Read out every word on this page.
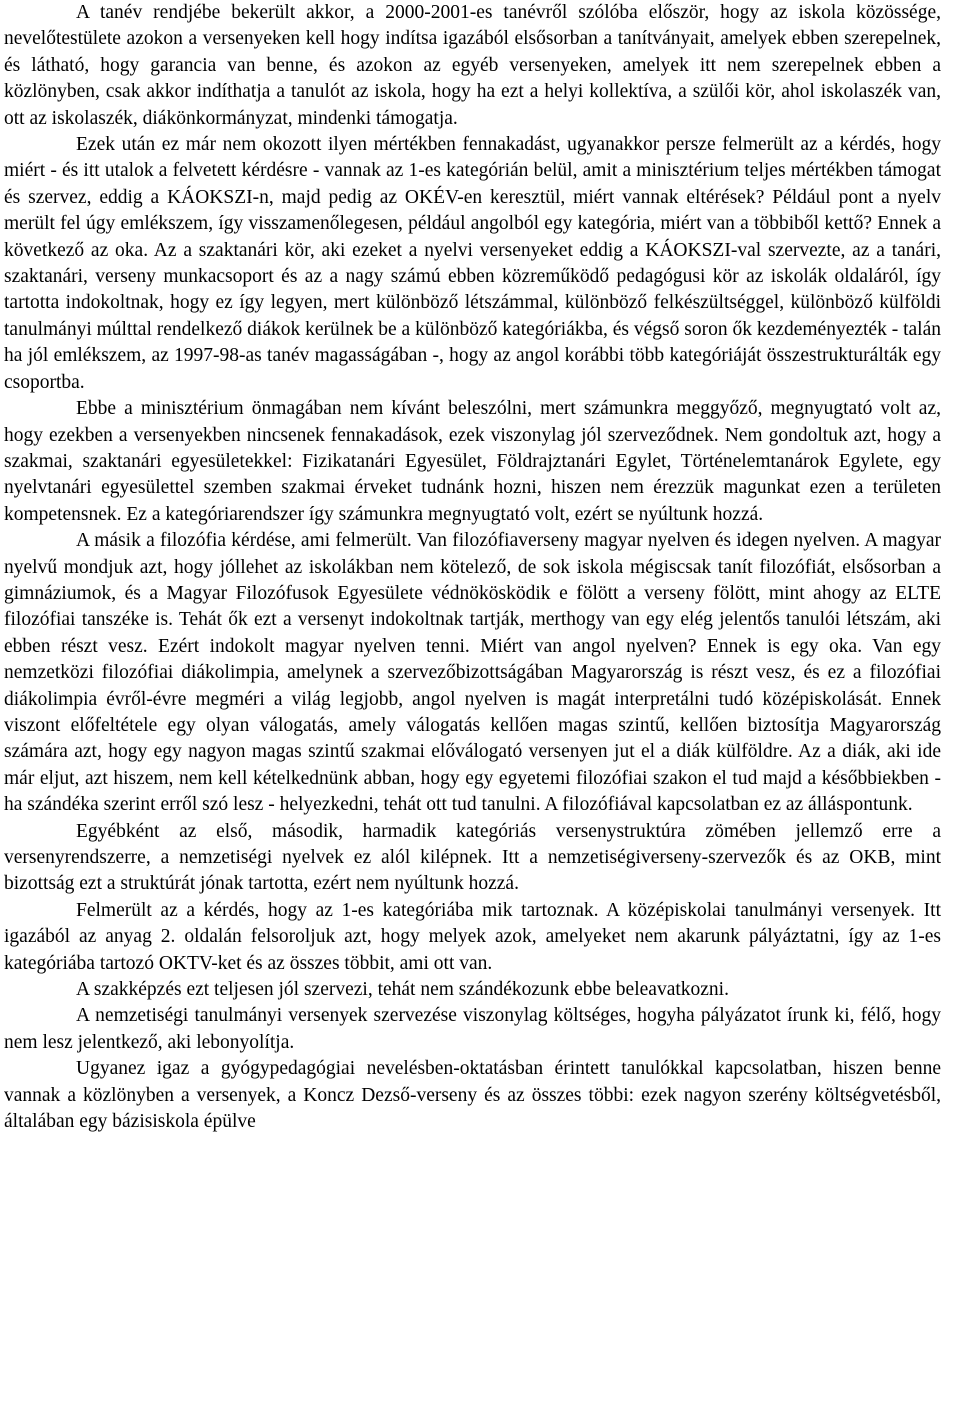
A tanév rendjébe bekerült akkor, a 2000-2001-es tanévről szólóba először, hogy az iskola közössége, nevelőtestülete azokon a versenyeken kell hogy indítsa igazából elsősorban a tanítványait, amelyek ebben szerepelnek, és látható, hogy garancia van benne, és azokon az egyéb versenyeken, amelyek itt nem szerepelnek ebben a közlönyben, csak akkor indíthatja a tanulót az iskola, hogy ha ezt a helyi kollektíva, a szülői kör, ahol iskolaszék van, ott az iskolaszék, diákönkormányzat, mindenki támogatja.

Ezek után ez már nem okozott ilyen mértékben fennakadást, ugyanakkor persze felmerült az a kérdés, hogy miért - és itt utalok a felvetett kérdésre - vannak az 1-es kategórián belül, amit a minisztérium teljes mértékben támogat és szervez, eddig a KÁOKSZI-n, majd pedig az OKÉV-en keresztül, miért vannak eltérések? Például pont a nyelv merült fel úgy emlékszem, így visszamenőlegesen, például angolból egy kategória, miért van a többiből kettő? Ennek a következő az oka. Az a szaktanári kör, aki ezeket a nyelvi versenyeket eddig a KÁOKSZI-val szervezte, az a tanári, szaktanári, verseny munkacsoport és az a nagy számú ebben közreműködő pedagógusi kör az iskolák oldaláról, így tartotta indokoltnak, hogy ez így legyen, mert különböző létszámmal, különböző felkészültséggel, különböző külföldi tanulmányi múlttal rendelkező diákok kerülnek be a különböző kategóriákba, és végső soron ők kezdeményezték - talán ha jól emlékszem, az 1997-98-as tanév magasságában -, hogy az angol korábbi több kategóriáját összestrukturálták egy csoportba.

Ebbe a minisztérium önmagában nem kívánt beleszólni, mert számunkra meggyőző, megnyugtató volt az, hogy ezekben a versenyekben nincsenek fennakadások, ezek viszonylag jól szerveződnek. Nem gondoltuk azt, hogy a szakmai, szaktanári egyesületekkel: Fizikatanári Egyesület, Földrajztanári Egylet, Történelemtanárok Egylete, egy nyelvtanári egyesülettel szemben szakmai érveket tudnánk hozni, hiszen nem érezzük magunkat ezen a területen kompetensnek. Ez a kategóriarendszer így számunkra megnyugtató volt, ezért se nyúltunk hozzá.

A másik a filozófia kérdése, ami felmerült. Van filozófiaverseny magyar nyelven és idegen nyelven. A magyar nyelvű mondjuk azt, hogy jóllehet az iskolákban nem kötelező, de sok iskola mégiscsak tanít filozófiát, elsősorban a gimnáziumok, és a Magyar Filozófusok Egyesülete védnökösködik e fölött a verseny fölött, mint ahogy az ELTE filozófiai tanszéke is. Tehát ők ezt a versenyt indokoltnak tartják, merthogy van egy elég jelentős tanulói létszám, aki ebben részt vesz. Ezért indokolt magyar nyelven tenni. Miért van angol nyelven? Ennek is egy oka. Van egy nemzetközi filozófiai diákolimpia, amelynek a szervezőbizottságában Magyarország is részt vesz, és ez a filozófiai diákolimpia évről-évre megméri a világ legjobb, angol nyelven is magát interpretálni tudó középiskolását. Ennek viszont előfeltétele egy olyan válogatás, amely válogatás kellően magas szintű, kellően biztosítja Magyarország számára azt, hogy egy nagyon magas szintű szakmai előválogató versenyen jut el a diák külföldre. Az a diák, aki ide már eljut, azt hiszem, nem kell kételkednünk abban, hogy egy egyetemi filozófiai szakon el tud majd a későbbiekben - ha szándéka szerint erről szó lesz - helyezkedni, tehát ott tud tanulni. A filozófiával kapcsolatban ez az álláspontunk.

Egyébként az első, második, harmadik kategóriás versenystruktúra zömében jellemző erre a versenyrendszerre, a nemzetiségi nyelvek ez alól kilépnek. Itt a nemzetiségiverseny-szervezők és az OKB, mint bizottság ezt a struktúrát jónak tartotta, ezért nem nyúltunk hozzá.

Felmerült az a kérdés, hogy az 1-es kategóriába mik tartoznak. A középiskolai tanulmányi versenyek. Itt igazából az anyag 2. oldalán felsoroljuk azt, hogy melyek azok, amelyeket nem akarunk pályáztatni, így az 1-es kategóriába tartozó OKTV-ket és az összes többit, ami ott van.

A szakképzés ezt teljesen jól szervezi, tehát nem szándékozunk ebbe beleavatkozni.

A nemzetiségi tanulmányi versenyek szervezése viszonylag költséges, hogyha pályázatot írunk ki, félő, hogy nem lesz jelentkező, aki lebonyolítja.

Ugyanez igaz a gyógypedagógiai nevelésben-oktatásban érintett tanulókkal kapcsolatban, hiszen benne vannak a közlönyben a versenyek, a Koncz Dezső-verseny és az összes többi: ezek nagyon szerény költségvetésből, általában egy bázisiskola épülve
